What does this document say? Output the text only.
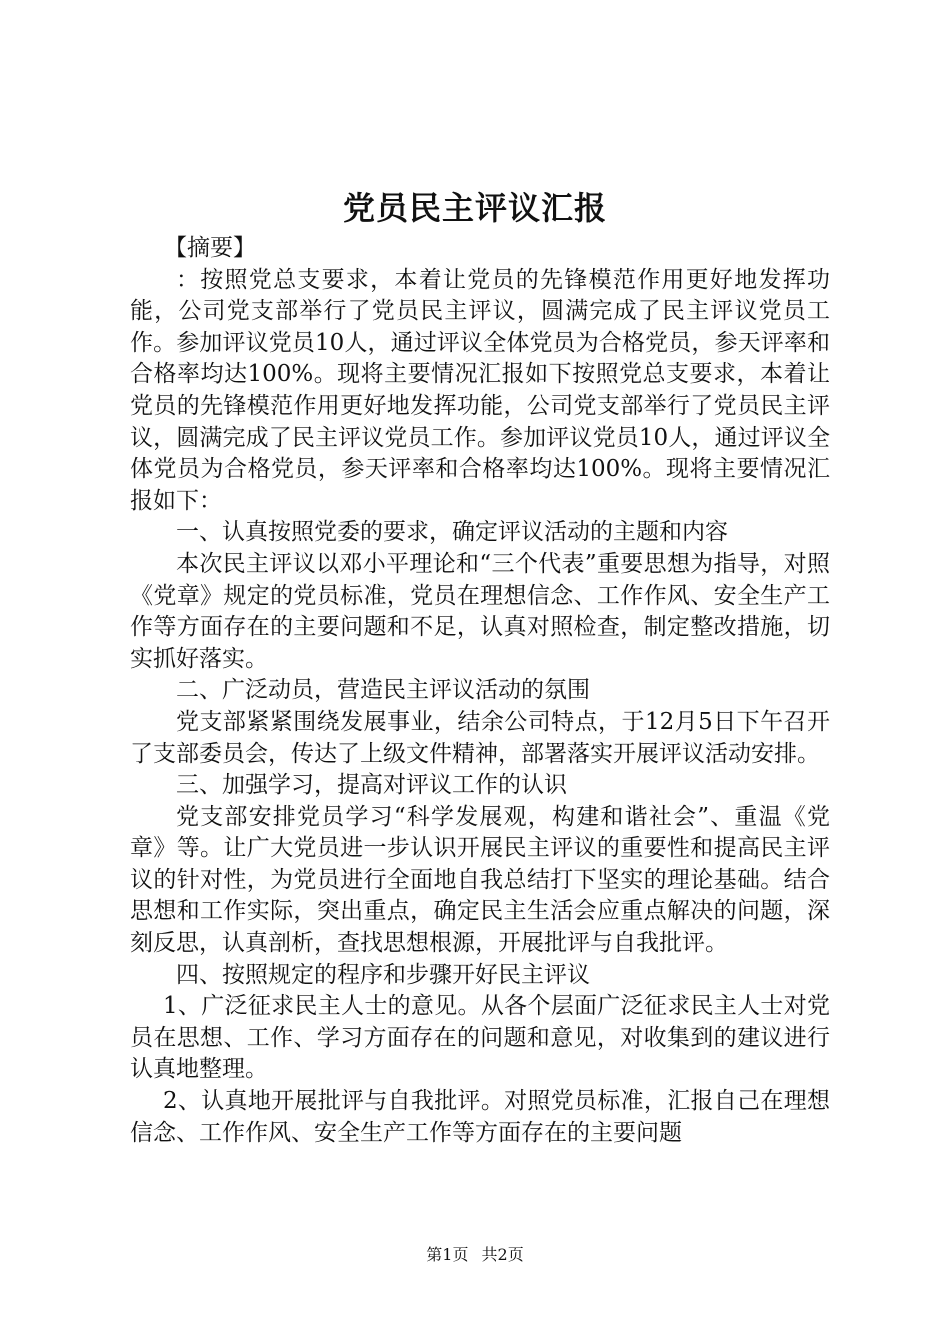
党员民主评议汇报

【摘要】

：按照党总支要求，本着让党员的先锋模范作用更好地发挥功能，公司党支部举行了党员民主评议，圆满完成了民主评议党员工作。参加评议党员10人，通过评议全体党员为合格党员，参天评率和合格率均达100%。现将主要情况汇报如下按照党总支要求，本着让党员的先锋模范作用更好地发挥功能，公司党支部举行了党员民主评议，圆满完成了民主评议党员工作。参加评议党员10人，通过评议全体党员为合格党员，参天评率和合格率均达100%。现将主要情况汇报如下：

一、认真按照党委的要求，确定评议活动的主题和内容

本次民主评议以邓小平理论和“三个代表”重要思想为指导，对照《党章》规定的党员标准，党员在理想信念、工作作风、安全生产工作等方面存在的主要问题和不足，认真对照检查，制定整改措施，切实抓好落实。

二、广泛动员，营造民主评议活动的氛围

党支部紧紧围绕发展事业，结余公司特点，于12月5日下午召开了支部委员会，传达了上级文件精神，部署落实开展评议活动安排。

三、加强学习，提高对评议工作的认识

党支部安排党员学习“科学发展观，构建和谐社会”、重温《党章》等。让广大党员进一步认识开展民主评议的重要性和提高民主评议的针对性，为党员进行全面地自我总结打下坚实的理论基础。结合思想和工作实际，突出重点，确定民主生活会应重点解决的问题，深刻反思，认真剖析，查找思想根源，开展批评与自我批评。

四、按照规定的程序和步骤开好民主评议

1、广泛征求民主人士的意见。从各个层面广泛征求民主人士对党员在思想、工作、学习方面存在的问题和意见，对收集到的建议进行认真地整理。

2、认真地开展批评与自我批评。对照党员标准，汇报自己在理想信念、工作作风、安全生产工作等方面存在的主要问题

第1页 共2页
